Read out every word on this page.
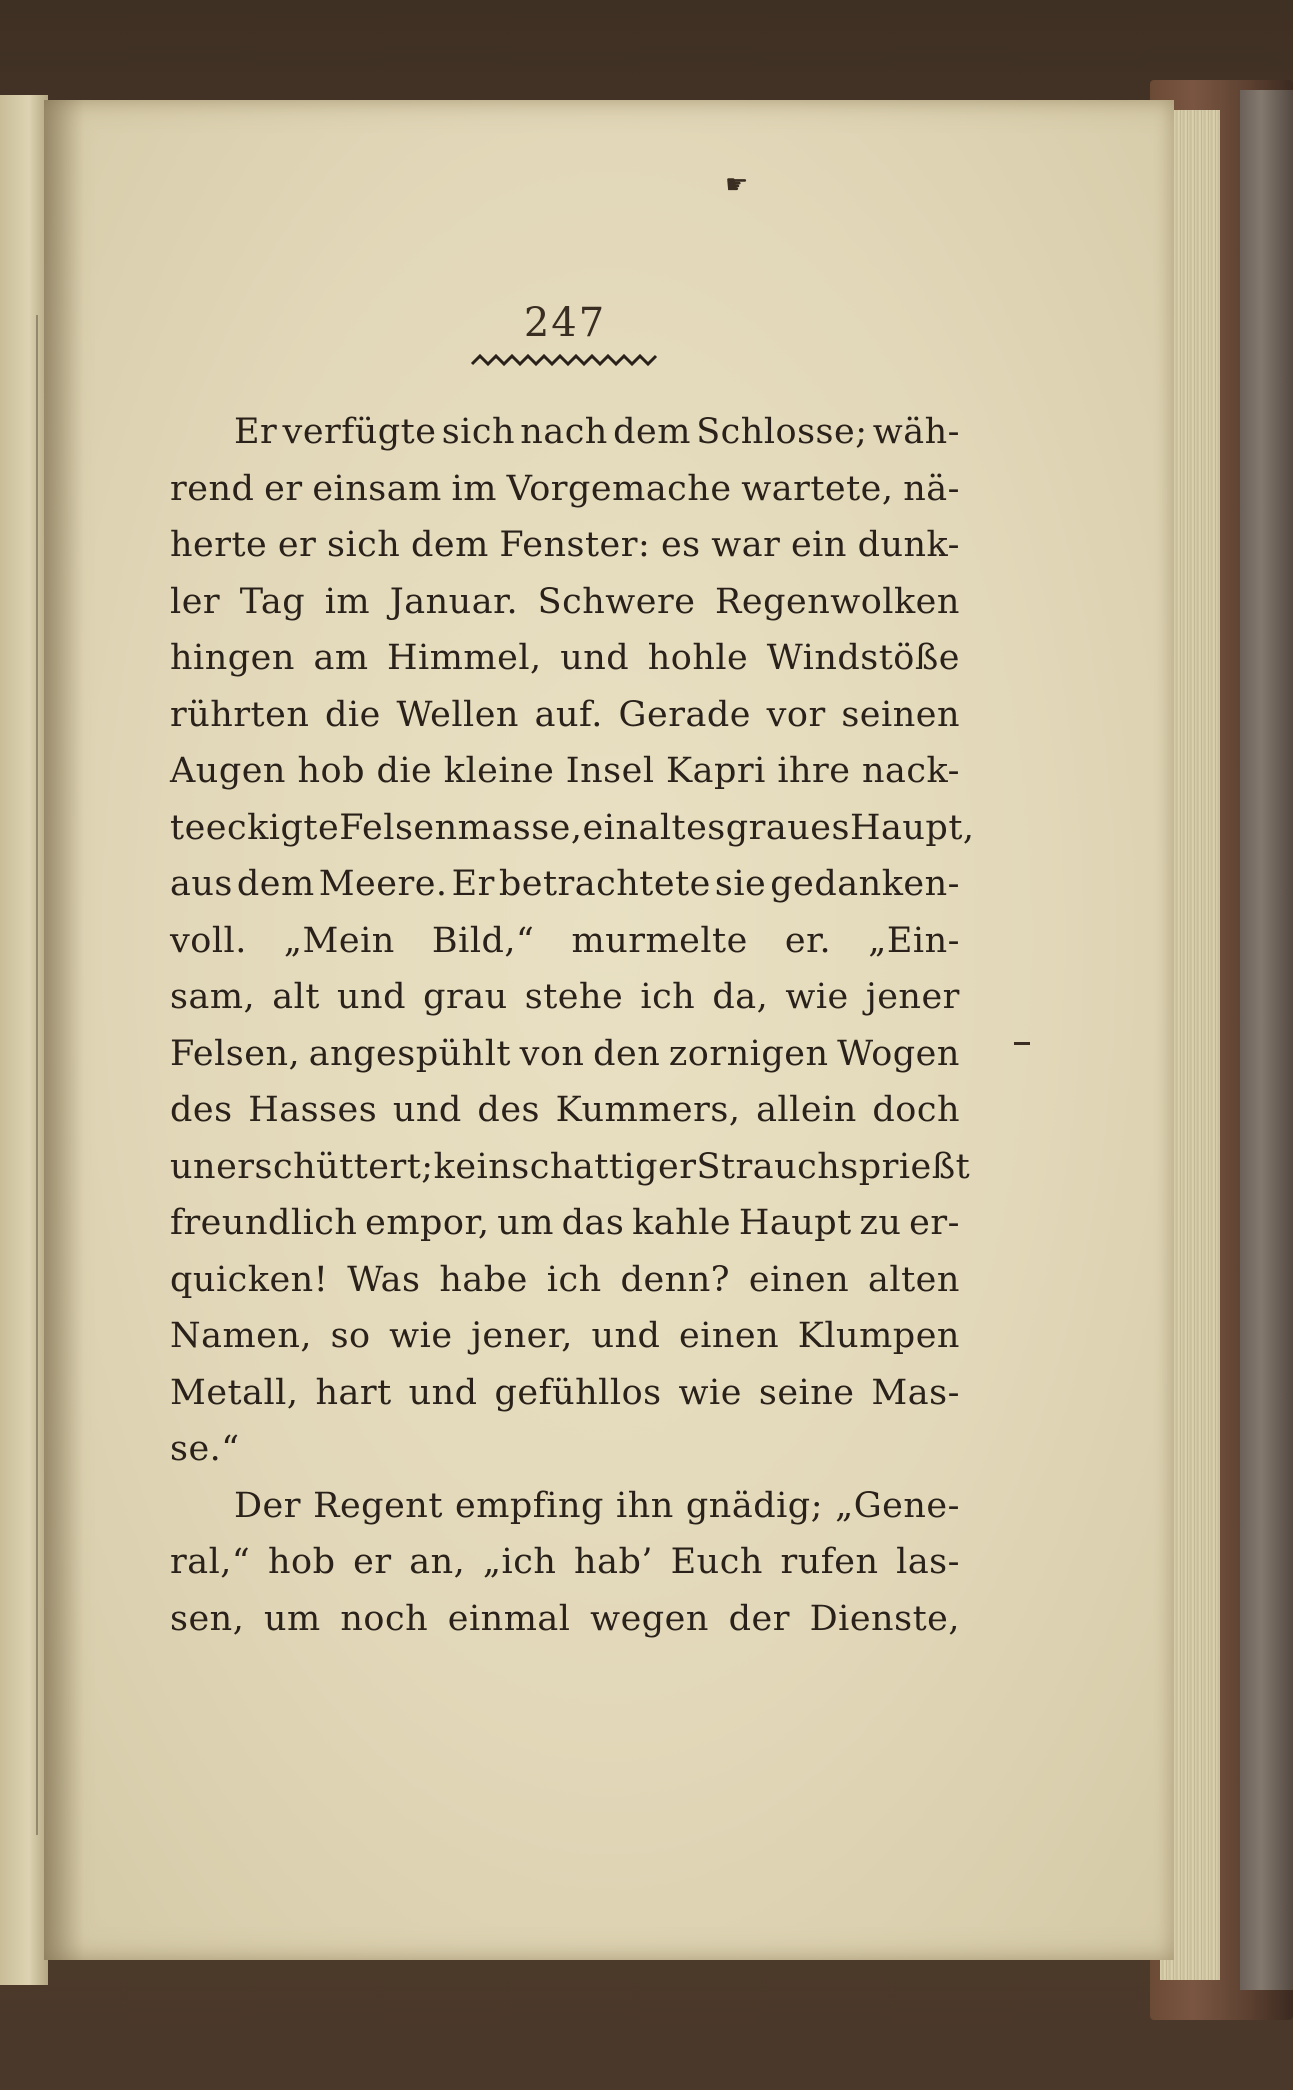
☛
247
Er verfügte sich nach dem Schlosse; wäh-
rend er einsam im Vorgemache wartete, nä-
herte er sich dem Fenster: es war ein dunk-
ler Tag im Januar. Schwere Regenwolken
hingen am Himmel, und hohle Windstöße
rührten die Wellen auf. Gerade vor seinen
Augen hob die kleine Insel Kapri ihre nack-
te eckigte Felsenmasse, ein altes graues Haupt,
aus dem Meere. Er betrachtete sie gedanken-
voll. „Mein Bild,“ murmelte er. „Ein-
sam, alt und grau stehe ich da, wie jener
Felsen, angespühlt von den zornigen Wogen
des Hasses und des Kummers, allein doch
unerschüttert; kein schattiger Strauch sprießt
freundlich empor, um das kahle Haupt zu er-
quicken! Was habe ich denn? einen alten
Namen, so wie jener, und einen Klumpen
Metall, hart und gefühllos wie seine Mas-
se.“
Der Regent empfing ihn gnädig; „Gene-
ral,“ hob er an, „ich hab’ Euch rufen las-
sen, um noch einmal wegen der Dienste,
